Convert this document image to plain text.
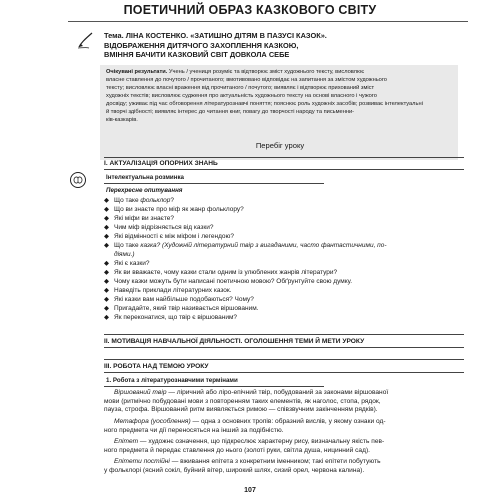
ПОЕТИЧНИЙ ОБРАЗ КАЗКОВОГО СВІТУ
Тема. ЛІНА КОСТЕНКО. «ЗАТИШНО ДІТЯМ В ПАЗУСІ КАЗОК».
ВІДОБРАЖЕННЯ ДИТЯЧОГО ЗАХОПЛЕННЯ КАЗКОЮ,
ВМІННЯ БАЧИТИ КАЗКОВИЙ СВІТ ДОВКОЛА СЕБЕ
Очікувані результати. Учень / учениця розуміє та відтворює зміст художнього тексту, висловлює
власне ставлення до почутого / прочитаного; вмотивовано відповідає на запитання за змістом художнього
тексту; висловлює власні враження від прочитаного / почутого; виявляє і відтворює прихований зміст
художніх текстів; висловлює судження про актуальність художнього тексту на основі власного і чужого
досвіду; уживає під час обговорення літературознавчі поняття; пояснює роль художніх засобів; розвиває інтелектуальні
й творчі здібності; виявляє інтерес до читання книг, повагу до творчості народу та письменни-
ків-казкарів.
Перебіг уроку
I. АКТУАЛІЗАЦІЯ ОПОРНИХ ЗНАНЬ
Інтелектуальна розминка
Перехресне опитування
◆ Що таке фольклор?
◆ Що ви знаєте про міф як жанр фольклору?
◆ Які міфи ви знаєте?
◆ Чим міф відрізняється від казки?
◆ Які відмінності є між міфом і легендою?
◆ Що таке казка? (Художній літературний твір з вигаданими, часто фантастичними, по-
діями.)
◆ Які є казки?
◆ Як ви вважаєте, чому казки стали одним із улюблених жанрів літератури?
◆ Чому казки можуть бути написані поетичною мовою? Обґрунтуйте свою думку.
◆ Наведіть приклади літературних казок.
◆ Які казки вам найбільше подобаються? Чому?
◆ Пригадайте, який твір називається віршованим.
◆ Як переконатися, що твір є віршованим?
II. МОТИВАЦІЯ НАВЧАЛЬНОЇ ДІЯЛЬНОСТІ. ОГОЛОШЕННЯ ТЕМИ Й МЕТИ УРОКУ
III. РОБОТА НАД ТЕМОЮ УРОКУ
1. Робота з літературознавчими термінами
Віршований твір — ліричний або ліро-епічний твір, побудований за законами віршованої
мови (ритмічно побудовані мови з повторенням таких елементів, як наголос, стопа, рядок,
пауза, строфа. Віршований ритм виявляється римою — співзвучним закінченням рядків).
Метафора (уособлення) — одна з основних тропів: образний вислів, у якому ознаки од-
ного предмета чи дії переносяться на інший за подібністю.
Епітет — художнє означення, що підкреслює характерну рису, визначальну якість пев-
ного предмета й передає ставлення до нього (золоті руки, світла душа, ницинний сад).
Епітети постійні — вживання епітета з конкретним іменником; такі епітети побутують
у фольклорі (ясний сокіл, буйний вітер, широкий шлях, сизий орел, червона калина).
107
